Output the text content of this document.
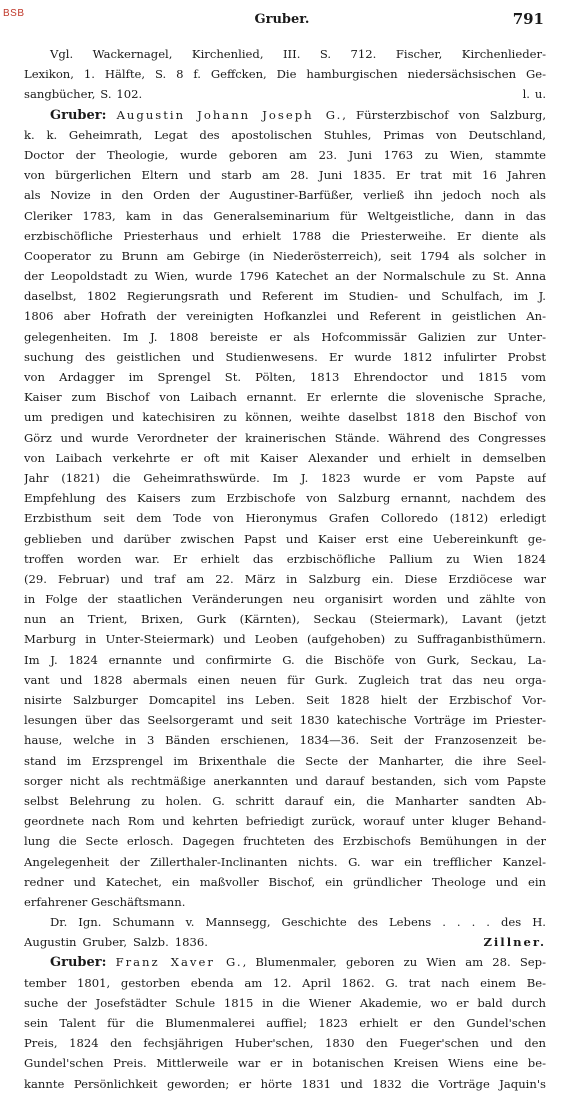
BSB	Gruber.	791
Vgl. Wackernagel, Kirchenlied, III. S. 712. Fischer, Kirchenlieder-
Lexikon, 1. Hälfte, S. 8 f. Geffcken, Die hamburgischen niedersächsischen Ge-
sangbücher, S. 102.	l. u.
Gruber: Augustin Johann Joseph G., Fürsterzbischof von Salzburg,
k. k. Geheimrath, Legat des apostolischen Stuhles, Primas von Deutschland,
Doctor der Theologie, wurde geboren am 23. Juni 1763 zu Wien, stammte
von bürgerlichen Eltern und starb am 28. Juni 1835. Er trat mit 16 Jahren
als Novize in den Orden der Augustiner-Barfüßer, verließ ihn jedoch noch als
Cleriker 1783, kam in das Generalseminarium für Weltgeistliche, dann in das
erzbischöfliche Priesterhaus und erhielt 1788 die Priesterweihe. Er diente als
Cooperator zu Brunn am Gebirge (in Niederösterreich), seit 1794 als solcher in
der Leopoldstadt zu Wien, wurde 1796 Katechet an der Normalschule zu St. Anna
daselbst, 1802 Regierungsrath und Referent im Studien- und Schulfach, im J.
1806 aber Hofrath der vereinigten Hofkanzlei und Referent in geistlichen An-
gelegenheiten. Im J. 1808 bereiste er als Hofcommissär Galizien zur Unter-
suchung des geistlichen und Studienwesens. Er wurde 1812 infulirter Probst
von Ardagger im Sprengel St. Pölten, 1813 Ehrendoctor und 1815 vom
Kaiser zum Bischof von Laibach ernannt. Er erlernte die slovenische Sprache,
um predigen und katechisiren zu können, weihte daselbst 1818 den Bischof von
Görz und wurde Verordneter der krainerischen Stände. Während des Congresses
von Laibach verkehrte er oft mit Kaiser Alexander und erhielt in demselben
Jahr (1821) die Geheimrathswürde. Im J. 1823 wurde er vom Papste auf
Empfehlung des Kaisers zum Erzbischofe von Salzburg ernannt, nachdem des
Erzbisthum seit dem Tode von Hieronymus Grafen Colloredo (1812) erledigt
geblieben und darüber zwischen Papst und Kaiser erst eine Uebereinkunft ge-
troffen worden war. Er erhielt das erzbischöfliche Pallium zu Wien 1824
(29. Februar) und traf am 22. März in Salzburg ein. Diese Erzdiöcese war
in Folge der staatlichen Veränderungen neu organisirt worden und zählte von
nun an Trient, Brixen, Gurk (Kärnten), Seckau (Steiermark), Lavant (jetzt
Marburg in Unter-Steiermark) und Leoben (aufgehoben) zu Suffraganbisthümern.
Im J. 1824 ernannte und confirmirte G. die Bischöfe von Gurk, Seckau, La-
vant und 1828 abermals einen neuen für Gurk. Zugleich trat das neu orga-
nisirte Salzburger Domcapitel ins Leben. Seit 1828 hielt der Erzbischof Vor-
lesungen über das Seelsorgeramt und seit 1830 katechische Vorträge im Priester-
hause, welche in 3 Bänden erschienen, 1834—36. Seit der Franzosenzeit be-
stand im Erzsprengel im Brixenthale die Secte der Manharter, die ihre Seel-
sorger nicht als rechtmäßige anerkannten und darauf bestanden, sich vom Papste
selbst Belehrung zu holen. G. schritt darauf ein, die Manharter sandten Ab-
geordnete nach Rom und kehrten befriedigt zurück, worauf unter kluger Behand-
lung die Secte erlosch. Dagegen fruchteten des Erzbischofs Bemühungen in der
Angelegenheit der Zillerthaler-Inclinanten nichts. G. war ein trefflicher Kanzel-
redner und Katechet, ein maßvoller Bischof, ein gründlicher Theologe und ein
erfahrener Geschäftsmann.
Dr. Ign. Schumann v. Mannsegg, Geschichte des Lebens . . . . des H.
Augustin Gruber, Salzb. 1836.	Zillner.
Gruber: Franz Xaver G., Blumenmaler, geboren zu Wien am 28. Sep-
tember 1801, gestorben ebenda am 12. April 1862. G. trat nach einem Be-
suche der Josefstädter Schule 1815 in die Wiener Akademie, wo er bald durch
sein Talent für die Blumenmalerei auffiel; 1823 erhielt er den Gundel'schen
Preis, 1824 den fechsjährigen Huber'schen, 1830 den Fueger'schen und den
Gundel'schen Preis. Mittlerweile war er in botanischen Kreisen Wiens eine be-
kannte Persönlichkeit geworden; er hörte 1831 und 1832 die Vorträge Jaquin's
